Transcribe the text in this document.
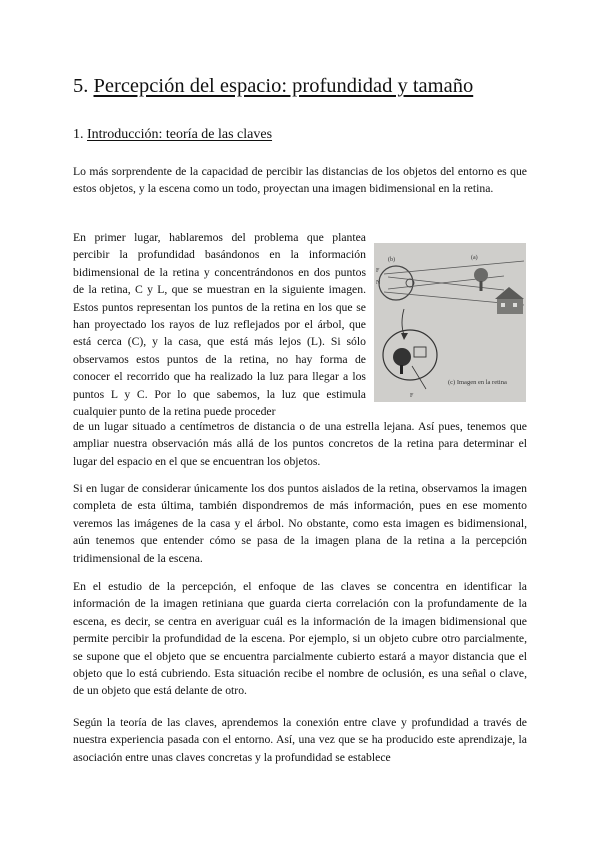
5. Percepción del espacio: profundidad y tamaño
1. Introducción: teoría de las claves

Lo más sorprendente de la capacidad de percibir las distancias de los objetos del entorno es que estos objetos, y la escena como un todo, proyectan una imagen bidimensional en la retina.

En primer lugar, hablaremos del problema que plantea percibir la profundidad basándonos en la información bidimensional de la retina y concentrándonos en dos puntos de la retina, C y L, que se muestran en la siguiente imagen. Estos puntos representan los puntos de la retina en los que se han proyectado los rayos de luz reflejados por el árbol, que está cerca (C), y la casa, que está más lejos (L). Si sólo observamos estos puntos de la retina, no hay forma de conocer el recorrido que ha realizado la luz para llegar a los puntos L y C. Por lo que sabemos, la luz que estimula cualquier punto de la retina puede proceder

(b)	(a)
F
N
F
(c) Imagen en la retina

de un lugar situado a centímetros de distancia o de una estrella lejana. Así pues, tenemos que ampliar nuestra observación más allá de los puntos concretos de la retina para determinar el lugar del espacio en el que se encuentran los objetos.

Si en lugar de considerar únicamente los dos puntos aislados de la retina, observamos la imagen completa de esta última, también dispondremos de más información, pues en ese momento veremos las imágenes de la casa y el árbol. No obstante, como esta imagen es bidimensional, aún tenemos que entender cómo se pasa de la imagen plana de la retina a la percepción tridimensional de la escena.

En el estudio de la percepción, el enfoque de las claves se concentra en identificar la información de la imagen retiniana que guarda cierta correlación con la profundamente de la escena, es decir, se centra en averiguar cuál es la información de la imagen bidimensional que permite percibir la profundidad de la escena. Por ejemplo, si un objeto cubre otro parcialmente, se supone que el objeto que se encuentra parcialmente cubierto estará a mayor distancia que el objeto que lo está cubriendo. Esta situación recibe el nombre de oclusión, es una señal o clave, de un objeto que está delante de otro.

Según la teoría de las claves, aprendemos la conexión entre clave y profundidad a través de nuestra experiencia pasada con el entorno. Así, una vez que se ha producido este aprendizaje, la asociación entre unas claves concretas y la profundidad se establece
